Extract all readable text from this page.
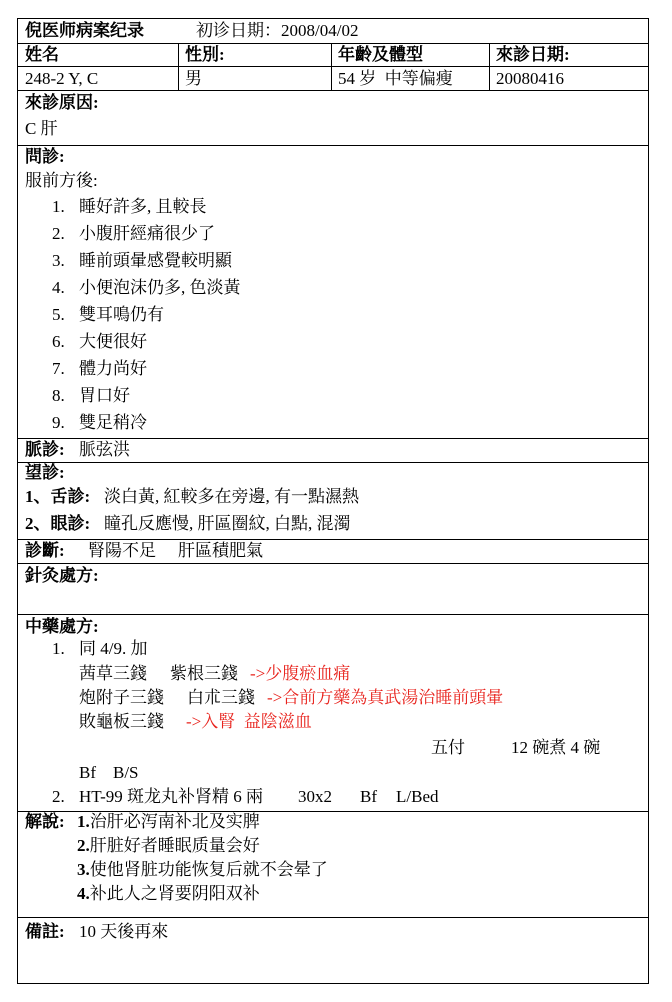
倪医师病案纪录	初诊日期：2008/04/02
姓名	性別:	年齡及體型	來診日期:
248-2 Y, C	男	54 岁  中等偏瘦	20080416
來診原因:
C 肝
問診:
服前方後:
1. 睡好許多, 且較長
2. 小腹肝經痛很少了
3. 睡前頭暈感覺較明顯
4. 小便泡沫仍多, 色淡黃
5. 雙耳鳴仍有
6. 大便很好
7. 體力尚好
8. 胃口好
9. 雙足稍冷
脈診: 脈弦洪
望診:
1、舌診: 淡白黃, 紅較多在旁邊, 有一點濕熱
2、眼診: 瞳孔反應慢, 肝區圈紋, 白點, 混濁
診斷: 腎陽不足 肝區積肥氣
針灸處方:
中藥處方:
1. 同 4/9. 加
茜草三錢 紫根三錢 ->少腹瘀血痛
炮附子三錢 白朮三錢 ->合前方藥為真武湯治睡前頭暈
敗龜板三錢 ->入腎  益陰滋血
五付	12 碗煮 4 碗
Bf B/S
2. HT-99 斑龙丸补肾精 6 兩 30x2 Bf L/Bed
解說: 1.治肝必泻南补北及实脾
2.肝脏好者睡眠质量会好
3.使他肾脏功能恢复后就不会晕了
4.补此人之肾要阴阳双补
備註: 10 天後再來
